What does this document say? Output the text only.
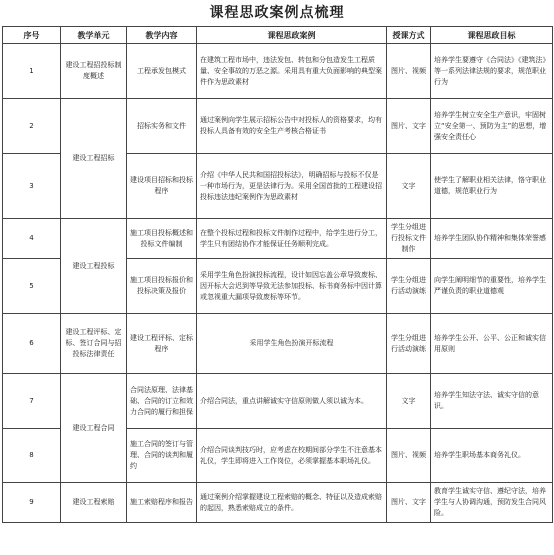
课程思政案例点梳理
序号	教学单元	教学内容	课程思政案例	授课方式	课程思政目标
1	建设工程招投标制度概述	工程承发包模式	在建筑工程市场中，违法发包、转包和分包造发生工程质量、安全事故的万恶之源。采用具有重大负面影响的典型案件作为思政素材	图片、视频	培养学生要遵守《合同法》《建筑法》等一系列法律法规的要求，规范职业行为
2	建设工程招标	招标实务和文件	通过案例向学生展示招标公告中对投标人的资格要求，均有投标人具备有效的安全生产考核合格证书	图片、文字	培养学生树立安全生产意识，牢固树立“安全第一、预防为主”的思想，增强安全责任心
3		建设项目招标和投标程序	介绍《中华人民共和国招投标法》，明确招标与投标不仅是一种市场行为，更是法律行为。采用全国首批的工程建设招投标违法违纪案例作为思政素材	文字	使学生了解职业相关法律，恪守职业道德，规范职业行为
4	建设工程投标	施工项目投标概述和投标文件编制	在整个投标过程和投标文件制作过程中，给学生进行分工，学生只有团结协作才能保证任务顺利完成。	学生分组进行投标文件制作	培养学生团队协作精神和集体荣誉感
5		施工项目投标报价和投标决策及报价	采用学生角色扮演投标流程，设计如因忘盖公章导致废标、因开标大会迟到等导致无法参加投标、标书商务标中因计算或忽视重大漏项导致废标等环节。	学生分组进行活动演练	向学生阐明细节的重要性，培养学生严谨负责的职业道德观
6	建设工程评标、定标、签订合同与招投标法律责任	建设工程评标、定标程序	采用学生角色扮演开标流程	学生分组进行活动演练	培养学生公开、公平、公正和诚实信用原则
7	建设工程合同	合同法原理、法律基础、合同的订立和效力合同的履行和担保	介绍合同法，重点讲解诚实守信原则做人须以诚为本。	文字	培养学生知法守法、诚实守信的意识。
8		施工合同的签订与管理、合同的谈判和履约	介绍合同谈判技巧时，应考虑在校期间部分学生不注意基本礼仪，学生即将进入工作岗位，必须掌握基本职场礼仪。	图片、视频	培养学生职场基本商务礼仪。
9	建设工程索赔	施工索赔程序和报告	通过案例介绍掌握建设工程索赔的概念、特征以及造成索赔的起因，熟悉索赔成立的条件。	图片、文字	教育学生诚实守信、遵纪守法，培养学生与人协调沟通，预防发生合同风险。
